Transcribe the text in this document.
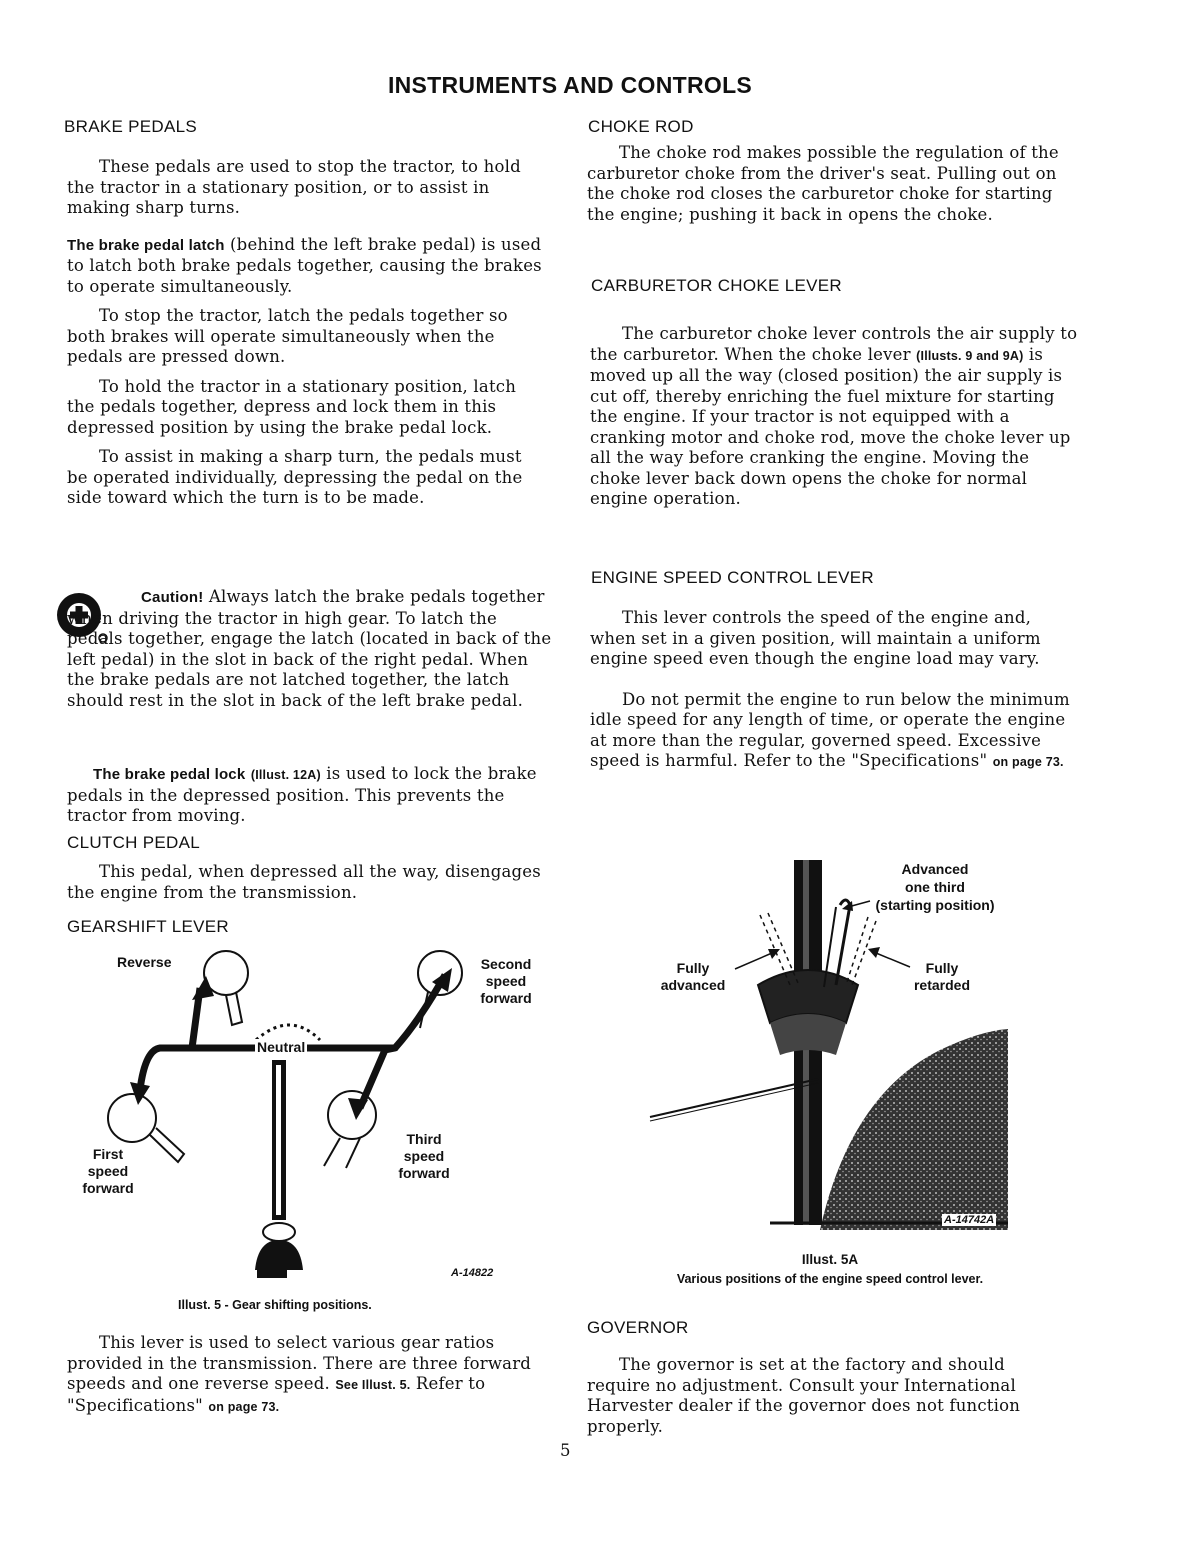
INSTRUMENTS AND CONTROLS
BRAKE PEDALS

These pedals are used to stop the tractor, to hold the tractor in a stationary position, or to assist in making sharp turns.

The brake pedal latch (behind the left brake pedal) is used to latch both brake pedals together, causing the brakes to operate simultaneously.

To stop the tractor, latch the pedals together so both brakes will operate simultaneously when the pedals are pressed down.

To hold the tractor in a stationary position, latch the pedals together, depress and lock them in this depressed position by using the brake pedal lock.

To assist in making a sharp turn, the pedals must be operated individually, depressing the pedal on the side toward which the turn is to be made.

Caution! Always latch the brake pedals together when driving the tractor in high gear. To latch the pedals together, engage the latch (located in back of the left pedal) in the slot in back of the right pedal. When the brake pedals are not latched together, the latch should rest in the slot in back of the left brake pedal.

The brake pedal lock (Illust. 12A) is used to lock the brake pedals in the depressed position. This prevents the tractor from moving.

CLUTCH PEDAL

This pedal, when depressed all the way, disengages the engine from the transmission.

GEARSHIFT LEVER
Reverse	Second
speed
forward
Neutral
First
speed
forward
Third
speed
forward
A-14822
Illust. 5 - Gear shifting positions.

This lever is used to select various gear ratios provided in the transmission. There are three forward speeds and one reverse speed. See Illust. 5. Refer to "Specifications" on page 73.

CHOKE ROD

The choke rod makes possible the regulation of the carburetor choke from the driver's seat. Pulling out on the choke rod closes the carburetor choke for starting the engine; pushing it back in opens the choke.

CARBURETOR CHOKE LEVER

The carburetor choke lever controls the air supply to the carburetor. When the choke lever (Illusts. 9 and 9A) is moved up all the way (closed position) the air supply is cut off, thereby enriching the fuel mixture for starting the engine. If your tractor is not equipped with a cranking motor and choke rod, move the choke lever up all the way before cranking the engine. Moving the choke lever back down opens the choke for normal engine operation.

ENGINE SPEED CONTROL LEVER

This lever controls the speed of the engine and, when set in a given position, will maintain a uniform engine speed even though the engine load may vary.

Do not permit the engine to run below the minimum idle speed for any length of time, or operate the engine at more than the regular, governed speed. Excessive speed is harmful. Refer to the "Specifications" on page 73.

Advanced
one third
(starting position)
Fully
advanced
Fully
retarded
A-14742A
Illust. 5A
Various positions of the engine speed control lever.
GOVERNOR

The governor is set at the factory and should require no adjustment. Consult your International Harvester dealer if the governor does not function properly.

5
